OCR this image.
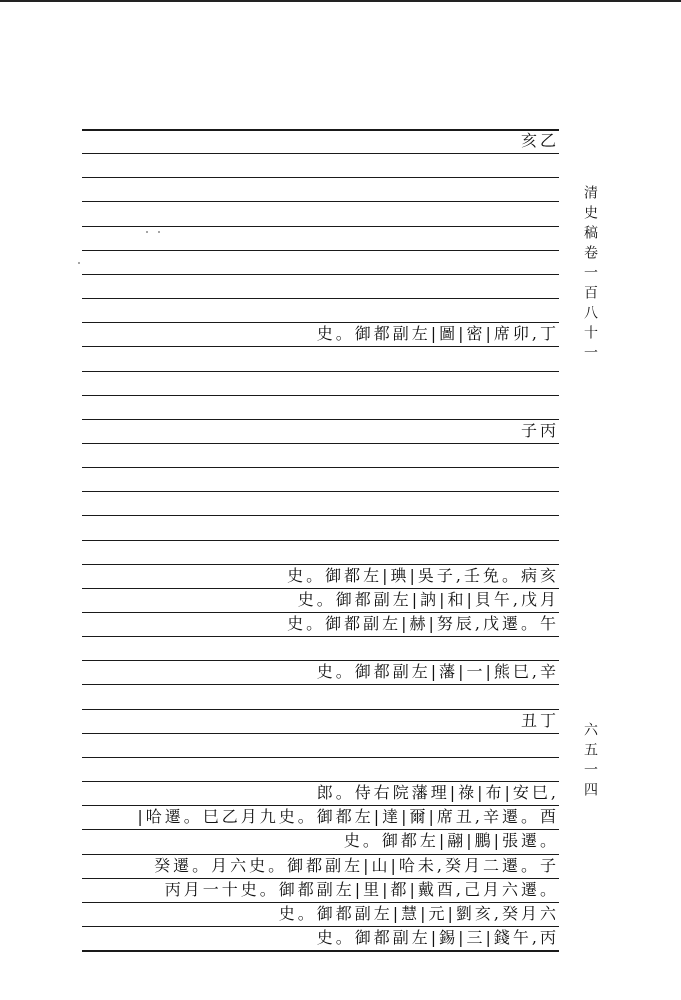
清史稿卷一百八十一
六五一四
亥乙
史。御都副左|圖|密|席卯,丁
子丙
史。御都左|琠|吳子,壬免。病亥
史。御都副左|訥|和|貝午,戊月
史。御都副左|赫|努辰,戊遷。午
史。御都副左|藩|一|熊巳,辛
丑丁
郎。侍右院藩理|祿|布|安巳,
|哈遷。巳乙月九史。御都左|達|爾|席丑,辛遷。酉
史。御都左|翮|鵬|張遷。
癸遷。月六史。御都副左|山|哈未,癸月二遷。子
丙月一十史。御都副左|里|都|戴酉,己月六遷。
史。御都副左|慧|元|劉亥,癸月六
史。御都副左|錫|三|錢午,丙
